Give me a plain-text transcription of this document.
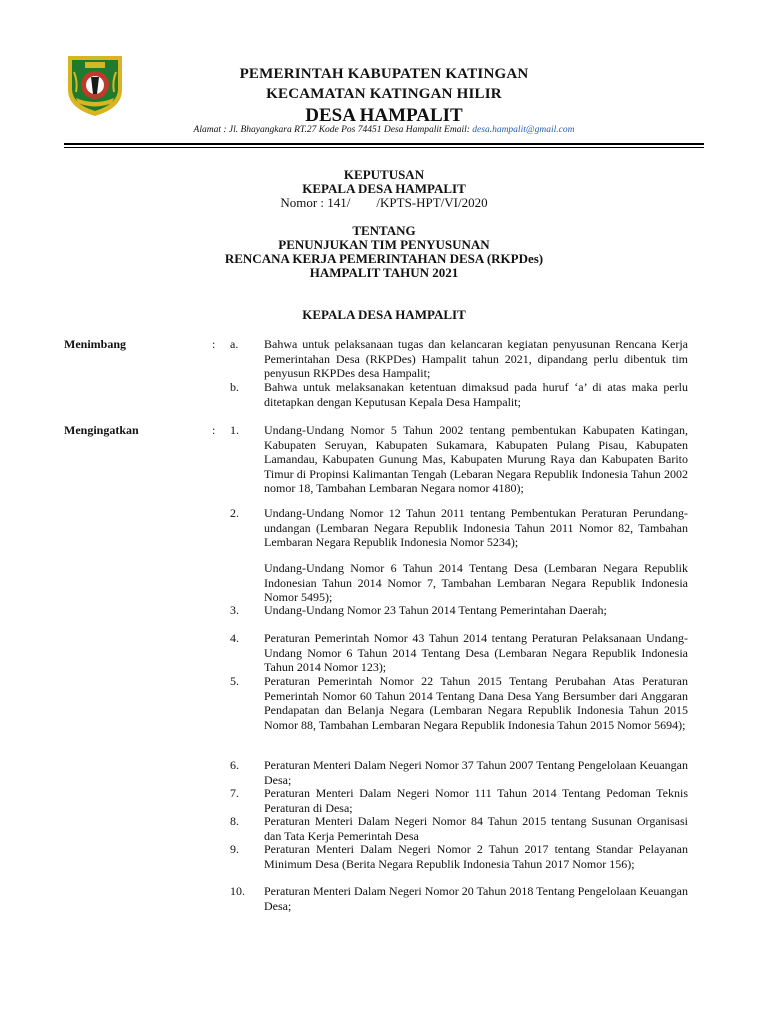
PEMERINTAH KABUPATEN KATINGAN
KECAMATAN KATINGAN HILIR
DESA HAMPALIT
Alamat : Jl. Bhayangkara RT.27 Kode Pos 74451 Desa Hampalit Email: desa.hampalit@gmail.com
KEPUTUSAN
KEPALA DESA HAMPALIT
Nomor : 141/        /KPTS-HPT/VI/2020
TENTANG
PENUNJUKAN TIM PENYUSUNAN
RENCANA KERJA PEMERINTAHAN DESA (RKPDes)
HAMPALIT TAHUN 2021
KEPALA DESA HAMPALIT
Menimbang	: a.	Bahwa untuk pelaksanaan tugas dan kelancaran kegiatan penyusunan Rencana Kerja Pemerintahan Desa (RKPDes) Hampalit tahun 2021, dipandang perlu dibentuk tim penyusun RKPDes desa Hampalit;
b.	Bahwa untuk melaksanakan ketentuan dimaksud pada huruf ‘a’ di atas maka perlu ditetapkan dengan Keputusan Kepala Desa Hampalit;
Mengingatkan	: 1.	Undang-Undang Nomor 5 Tahun 2002 tentang pembentukan Kabupaten Katingan, Kabupaten Seruyan, Kabupaten Sukamara, Kabupaten Pulang Pisau, Kabupaten Lamandau, Kabupaten Gunung Mas, Kabupaten Murung Raya dan Kabupaten Barito Timur di Propinsi Kalimantan Tengah (Lebaran Negara Republik Indonesia Tahun 2002 nomor 18, Tambahan Lembaran Negara nomor 4180);
2.	Undang-Undang Nomor 12 Tahun 2011 tentang Pembentukan Peraturan Perundang-undangan (Lembaran Negara Republik Indonesia Tahun 2011 Nomor 82, Tambahan Lembaran Negara Republik Indonesia Nomor 5234);
Undang-Undang Nomor 6 Tahun 2014 Tentang Desa (Lembaran Negara Republik Indonesian Tahun 2014 Nomor 7, Tambahan Lembaran Negara Republik Indonesia Nomor 5495);
3.	Undang-Undang Nomor 23 Tahun 2014 Tentang Pemerintahan Daerah;
4.	Peraturan Pemerintah Nomor 43 Tahun 2014 tentang Peraturan Pelaksanaan Undang-Undang Nomor 6 Tahun 2014 Tentang Desa (Lembaran Negara Republik Indonesia Tahun 2014 Nomor 123);
5.	Peraturan Pemerintah Nomor 22 Tahun 2015 Tentang Perubahan Atas Peraturan Pemerintah Nomor 60 Tahun 2014 Tentang Dana Desa Yang Bersumber dari Anggaran Pendapatan dan Belanja Negara (Lembaran Negara Republik Indonesia Tahun 2015 Nomor 88, Tambahan Lembaran Negara Republik Indonesia Tahun 2015 Nomor 5694);
6.	Peraturan Menteri Dalam Negeri Nomor 37 Tahun 2007 Tentang Pengelolaan Keuangan Desa;
7.	Peraturan Menteri Dalam Negeri Nomor 111 Tahun 2014 Tentang Pedoman Teknis Peraturan di Desa;
8.	Peraturan Menteri Dalam Negeri Nomor 84 Tahun 2015 tentang Susunan Organisasi dan Tata Kerja Pemerintah Desa
9.	Peraturan Menteri Dalam Negeri Nomor 2 Tahun 2017 tentang Standar Pelayanan Minimum Desa (Berita Negara Republik Indonesia Tahun 2017 Nomor 156);
10.	Peraturan Menteri Dalam Negeri Nomor 20 Tahun 2018 Tentang Pengelolaan Keuangan Desa;
